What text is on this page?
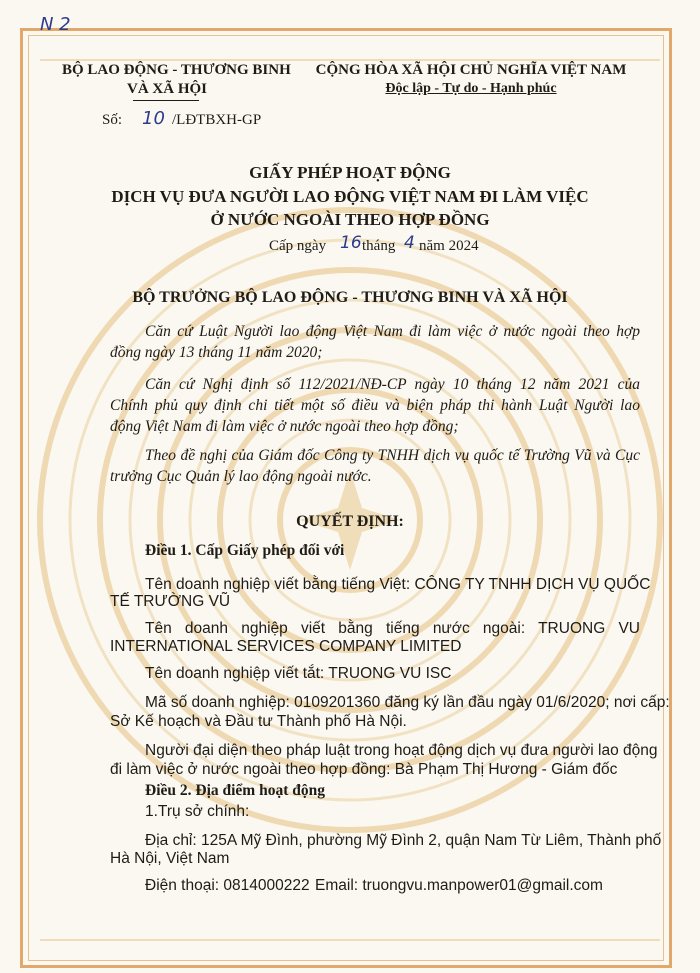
N 2
BỘ LAO ĐỘNG - THƯƠNG BINH
VÀ XÃ HỘI
CỘNG HÒA XÃ HỘI CHỦ NGHĨA VIỆT NAM
Độc lập - Tự do - Hạnh phúc
Số: 10 /LĐTBXH-GP
GIẤY PHÉP HOẠT ĐỘNG
DỊCH VỤ ĐƯA NGƯỜI LAO ĐỘNG VIỆT NAM ĐI LÀM VIỆC
Ở NƯỚC NGOÀI THEO HỢP ĐỒNG
Cấp ngày 16 tháng 4 năm 2024
BỘ TRƯỞNG BỘ LAO ĐỘNG - THƯƠNG BINH VÀ XÃ HỘI
Căn cứ Luật Người lao động Việt Nam đi làm việc ở nước ngoài theo hợp
đồng ngày 13 tháng 11 năm 2020;
Căn cứ Nghị định số 112/2021/NĐ-CP ngày 10 tháng 12 năm 2021 của
Chính phủ quy định chi tiết một số điều và biện pháp thi hành Luật Người lao
động Việt Nam đi làm việc ở nước ngoài theo hợp đồng;
Theo đề nghị của Giám đốc Công ty TNHH dịch vụ quốc tế Trường Vũ và Cục
trưởng Cục Quản lý lao động ngoài nước.
QUYẾT ĐỊNH:
Điều 1. Cấp Giấy phép đối với
Tên doanh nghiệp viết bằng tiếng Việt: CÔNG TY TNHH DỊCH VỤ QUỐC
TẾ TRƯỜNG VŨ
Tên doanh nghiệp viết bằng tiếng nước ngoài: TRUONG VU
INTERNATIONAL SERVICES COMPANY LIMITED
Tên doanh nghiệp viết tắt: TRUONG VU ISC
Mã số doanh nghiệp: 0109201360 đăng ký lần đầu ngày 01/6/2020; nơi cấp:
Sở Kế hoạch và Đầu tư Thành phố Hà Nội.
Người đại diện theo pháp luật trong hoạt động dịch vụ đưa người lao động
đi làm việc ở nước ngoài theo hợp đồng: Bà Phạm Thị Hương - Giám đốc
Điều 2. Địa điểm hoạt động
1.Trụ sở chính:
Địa chỉ: 125A Mỹ Đình, phường Mỹ Đình 2, quận Nam Từ Liêm, Thành phố
Hà Nội, Việt Nam
Điện thoại: 0814000222 Email: truongvu.manpower01@gmail.com
